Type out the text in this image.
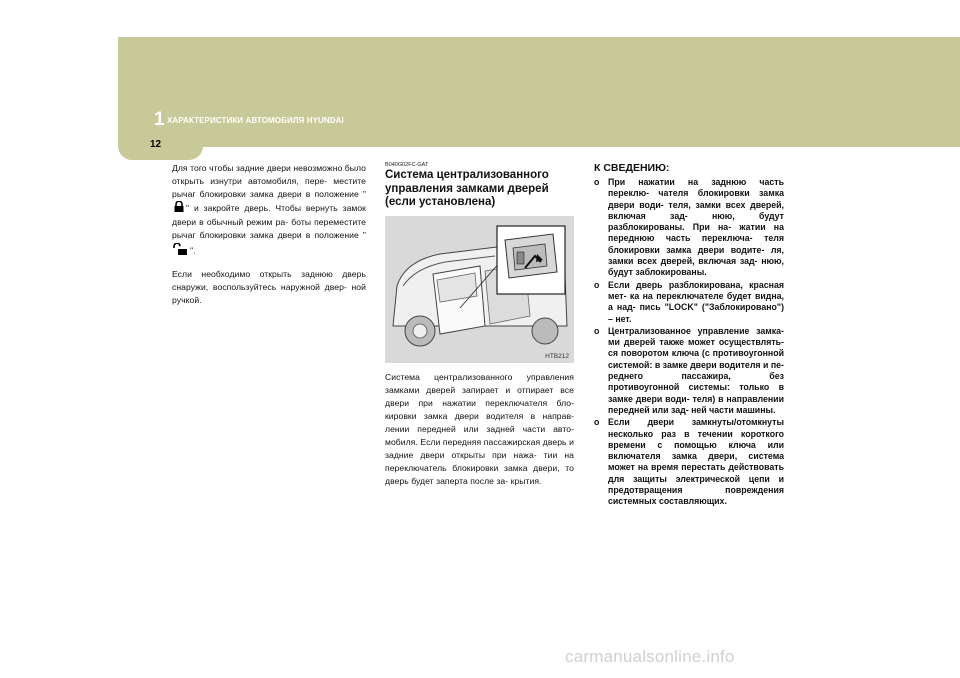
1 ХАРАКТЕРИСТИКИ АВТОМОБИЛЯ HYUNDAI
12

Для того чтобы задние двери невозможно было открыть изнутри автомобиля, пере- местите рычаг блокировки замка двери в положение "" и закройте дверь. Чтобы вернуть замок двери в обычный режим ра- боты переместите рычаг блокировки замка двери в положение "".

Если необходимо открыть заднюю дверь снаружи, воспользуйтесь наружной двер- ной ручкой.

B040G02FC-GAT

Система централизованного управления замками дверей (если установлена)

HTB212

Система централизованного управления замками дверей запирает и отпирает все двери при нажатии переключателя бло- кировки замка двери водителя в направ- лении передней или задней части авто- мобиля. Если передняя пассажирская дверь и задние двери открыты при нажа- тии на переключатель блокировки замка двери, то дверь будет заперта после за- крытия.

К СВЕДЕНИЮ:

o При нажатии на заднюю часть переклю- чателя блокировки замка двери води- теля, замки всех дверей, включая зад- нюю, будут разблокированы. При на- жатии на переднюю часть переключа- теля блокировки замка двери водите- ля, замки всех дверей, включая зад- нюю, будут заблокированы.
o Если дверь разблокирована, красная мет- ка на переключателе будет видна, а над- пись "LOCK" ("Заблокировано") – нет.
o Централизованное управление замка- ми дверей также может осуществлять- ся поворотом ключа (с противоугонной системой: в замке двери водителя и пе- реднего пассажира, без противоугонной системы: только в замке двери води- теля) в направлении передней или зад- ней части машины.
o Если двери замкнуты/отомкнуты несколько раз в течении короткого времени с помощью ключа или включателя замка двери, система может на время перестать действовать для защиты электрической цепи и предотвращения повреждения системных составляющих.
carmanualsonline.info
